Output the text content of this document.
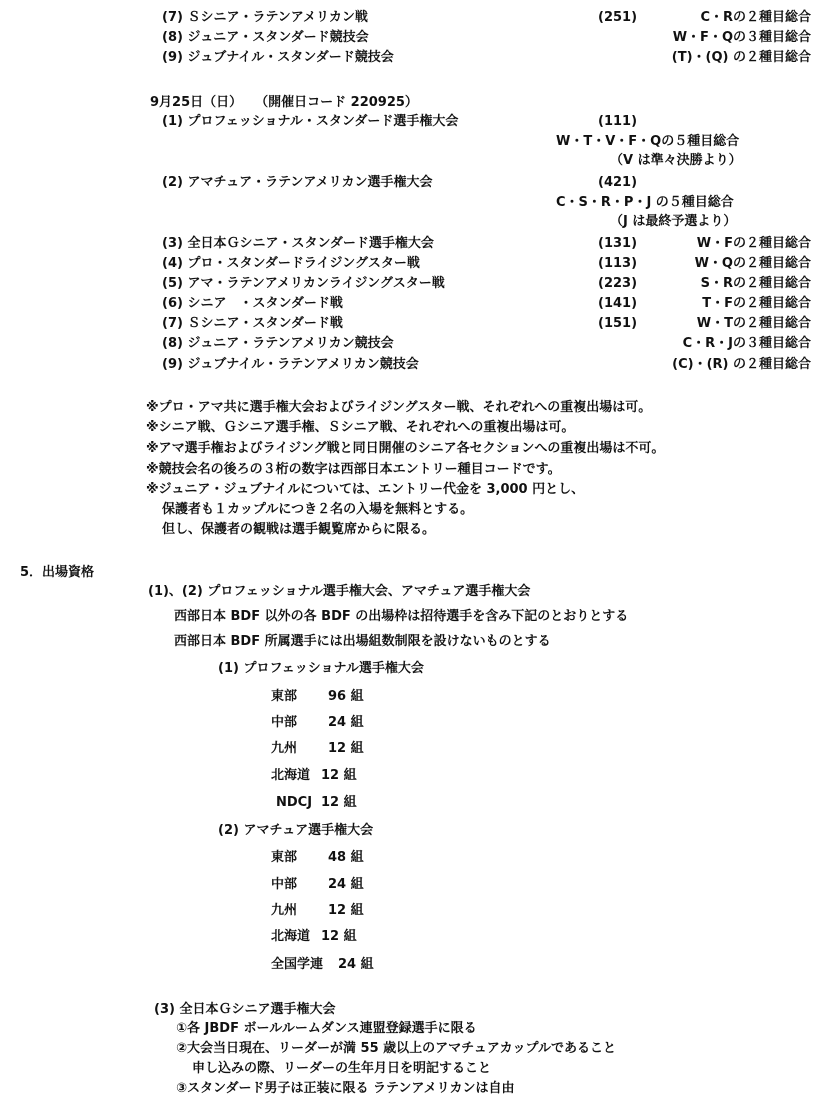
(7) Ｓシニア・ラテンアメリカン戦	(251)	C・Rの２種目総合
(8) ジュニア・スタンダード競技会	W・F・Qの３種目総合
(9) ジュブナイル・スタンダード競技会	(T)・(Q) の２種目総合
9月25日（日）　　（開催日コード 220925）
(1) プロフェッショナル・スタンダード選手権大会	(111)
W・T・V・F・Qの５種目総合
（V は準々決勝より）
(2) アマチュア・ラテンアメリカン選手権大会	(421)
C・S・R・P・J の５種目総合
（J は最終予選より）
(3) 全日本Ｇシニア・スタンダード選手権大会	(131)	W・Fの２種目総合
(4) プロ・スタンダードライジングスター戦	(113)	W・Qの２種目総合
(5) アマ・ラテンアメリカンライジングスター戦	(223)	S・Rの２種目総合
(6) シニア　・スタンダード戦	(141)	T・Fの２種目総合
(7) Ｓシニア・スタンダード戦	(151)	W・Tの２種目総合
(8) ジュニア・ラテンアメリカン競技会	C・R・Jの３種目総合
(9) ジュブナイル・ラテンアメリカン競技会	(C)・(R) の２種目総合
※プロ・アマ共に選手権大会およびライジングスター戦、それぞれへの重複出場は可。
※シニア戦、Ｇシニア選手権、Ｓシニア戦、それぞれへの重複出場は可。
※アマ選手権およびライジング戦と同日開催のシニア各セクションへの重複出場は不可。
※競技会名の後ろの３桁の数字は西部日本エントリー種目コードです。
※ジュニア・ジュブナイルについては、エントリー代金を 3,000 円とし、
保護者も１カップルにつき２名の入場を無料とする。
但し、保護者の観戦は選手観覧席からに限る。
5．出場資格
(1)、(2) プロフェッショナル選手権大会、アマチュア選手権大会
西部日本 BDF 以外の各 BDF の出場枠は招待選手を含み下記のとおりとする
西部日本 BDF 所属選手には出場組数制限を設けないものとする
(1) プロフェッショナル選手権大会
東部 96 組
中部 24 組
九州 12 組
北海道 12 組
NDCJ 12 組
(2) アマチュア選手権大会
東部 48 組
中部 24 組
九州 12 組
北海道 12 組
全国学連 24 組
(3) 全日本Ｇシニア選手権大会
①各 JBDF ボールルームダンス連盟登録選手に限る
②大会当日現在、リーダーが満 55 歳以上のアマチュアカップルであること
申し込みの際、リーダーの生年月日を明記すること
③スタンダード男子は正装に限る ラテンアメリカンは自由
